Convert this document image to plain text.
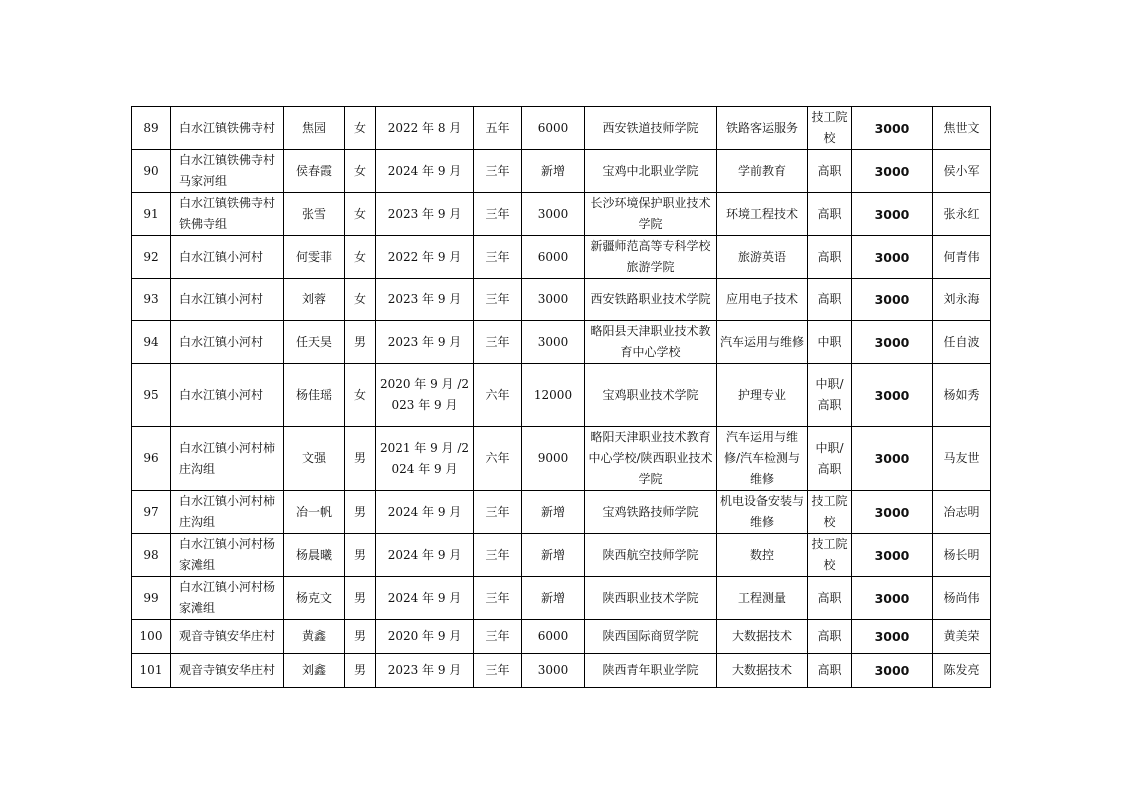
89	白水江镇铁佛寺村	焦园	女	2022 年 8 月	五年	6000	西安铁道技师学院	铁路客运服务	技工院校	3000	焦世文
90	白水江镇铁佛寺村马家河组	侯春霞	女	2024 年 9 月	三年	新增	宝鸡中北职业学院	学前教育	高职	3000	侯小军
91	白水江镇铁佛寺村铁佛寺组	张雪	女	2023 年 9 月	三年	3000	长沙环境保护职业技术学院	环境工程技术	高职	3000	张永红
92	白水江镇小河村	何雯菲	女	2022 年 9 月	三年	6000	新疆师范高等专科学校旅游学院	旅游英语	高职	3000	何青伟
93	白水江镇小河村	刘蓉	女	2023 年 9 月	三年	3000	西安铁路职业技术学院	应用电子技术	高职	3000	刘永海
94	白水江镇小河村	任天昊	男	2023 年 9 月	三年	3000	略阳县天津职业技术教育中心学校	汽车运用与维修	中职	3000	任自波
95	白水江镇小河村	杨佳瑶	女	2020 年 9 月 /2023 年 9 月	六年	12000	宝鸡职业技术学院	护理专业	中职/高职	3000	杨如秀
96	白水江镇小河村柿庄沟组	文强	男	2021 年 9 月 /2024 年 9 月	六年	9000	略阳天津职业技术教育中心学校/陕西职业技术学院	汽车运用与维修/汽车检测与维修	中职/高职	3000	马友世
97	白水江镇小河村柿庄沟组	冶一帆	男	2024 年 9 月	三年	新增	宝鸡铁路技师学院	机电设备安装与维修	技工院校	3000	冶志明
98	白水江镇小河村杨家滩组	杨晨曦	男	2024 年 9 月	三年	新增	陕西航空技师学院	数控	技工院校	3000	杨长明
99	白水江镇小河村杨家滩组	杨克文	男	2024 年 9 月	三年	新增	陕西职业技术学院	工程测量	高职	3000	杨尚伟
100	观音寺镇安华庄村	黄鑫	男	2020 年 9 月	三年	6000	陕西国际商贸学院	大数据技术	高职	3000	黄美荣
101	观音寺镇安华庄村	刘鑫	男	2023 年 9 月	三年	3000	陕西青年职业学院	大数据技术	高职	3000	陈发亮
